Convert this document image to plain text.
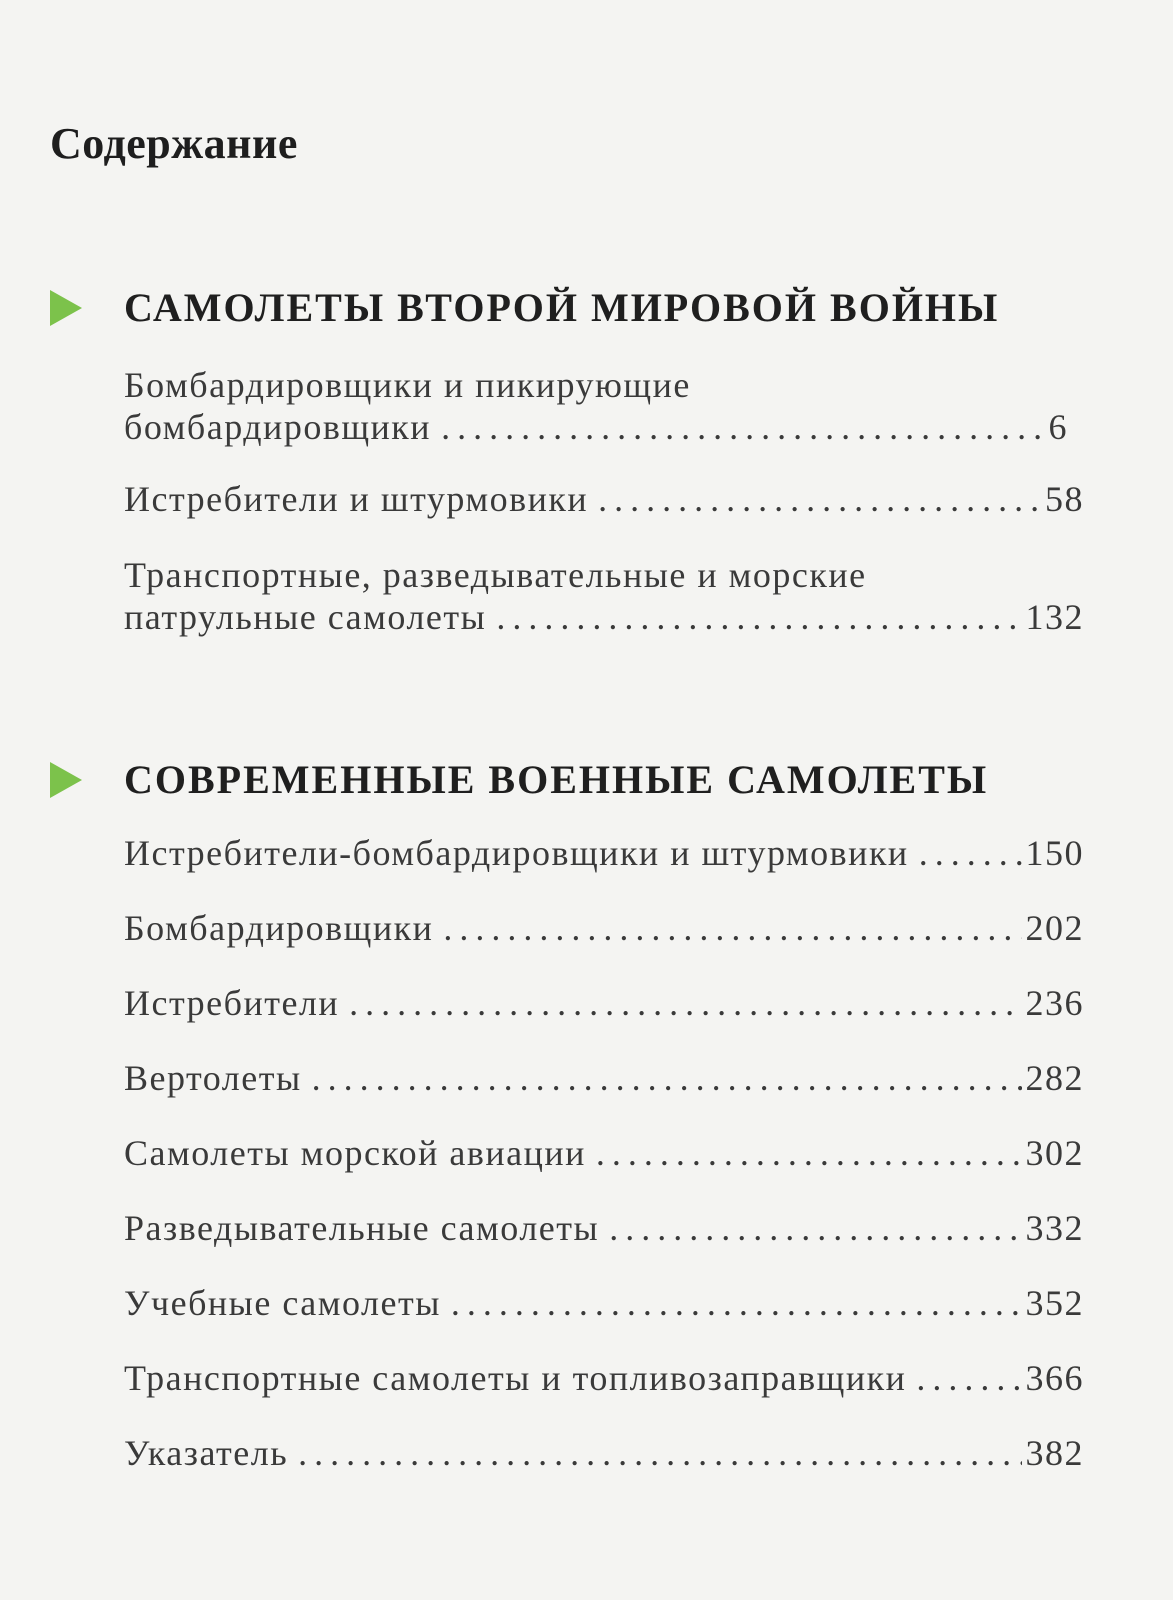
Содержание
САМОЛЕТЫ ВТОРОЙ МИРОВОЙ ВОЙНЫ
Бомбардировщики и пикирующие
бомбардировщики .....	6
Истребители и штурмовики .....	58
Транспортные, разведывательные и морские
патрульные самолеты .....	132
СОВРЕМЕННЫЕ ВОЕННЫЕ САМОЛЕТЫ
Истребители-бомбардировщики и штурмовики .....	150
Бомбардировщики .....	202
Истребители .....	236
Вертолеты .....	282
Самолеты морской авиации .....	302
Разведывательные самолеты .....	332
Учебные самолеты .....	352
Транспортные самолеты и топливозаправщики .....	366
Указатель .....	382
